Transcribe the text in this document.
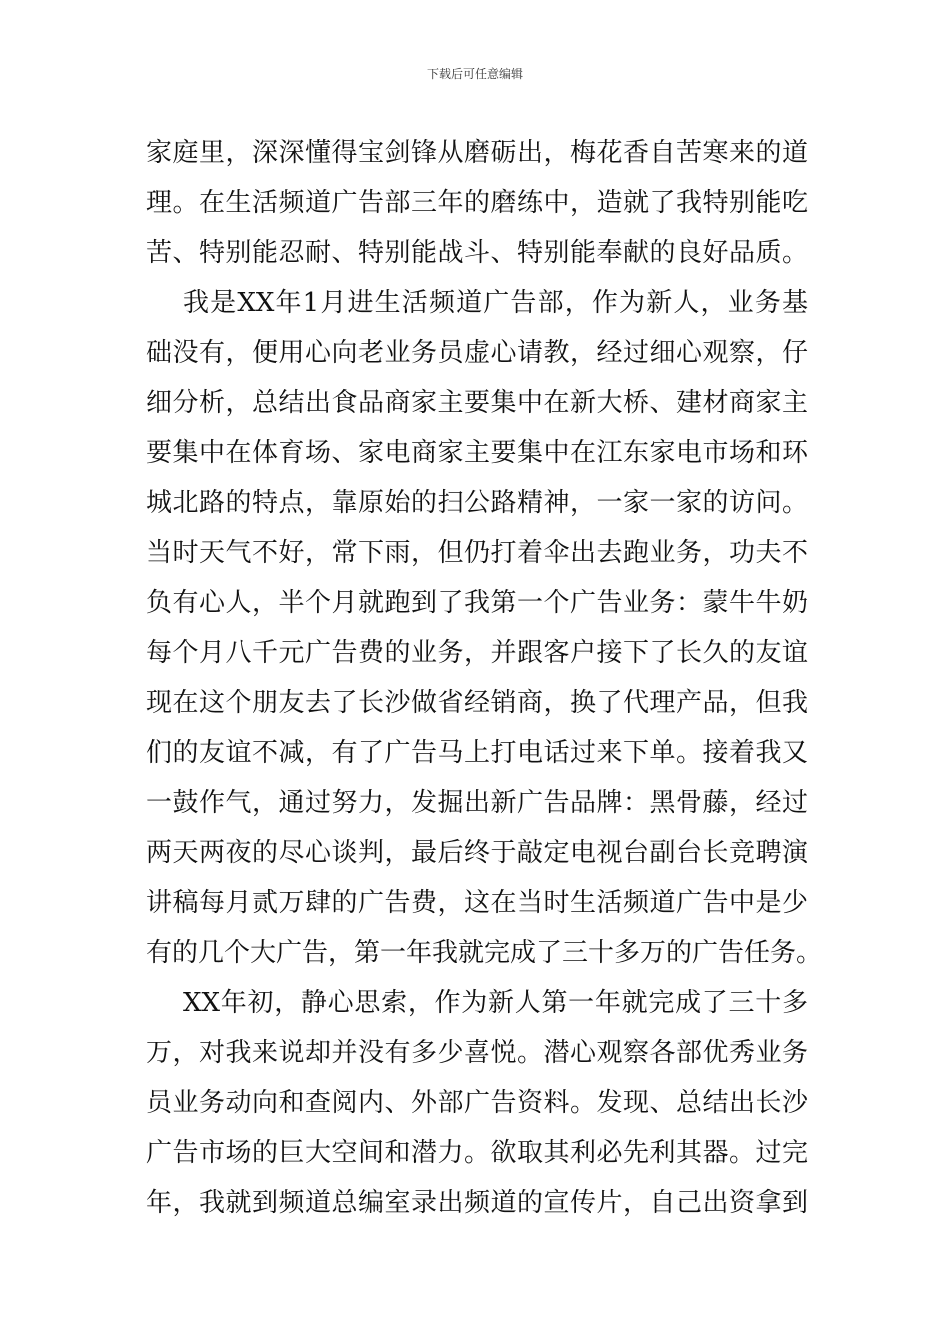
下载后可任意编辑
家庭里，深深懂得宝剑锋从磨砺出，梅花香自苦寒来的道
理。在生活频道广告部三年的磨练中，造就了我特别能吃
苦、特别能忍耐、特别能战斗、特别能奉献的良好品质。
我是XX年1月进生活频道广告部，作为新人，业务基
础没有，便用心向老业务员虚心请教，经过细心观察，仔
细分析，总结出食品商家主要集中在新大桥、建材商家主
要集中在体育场、家电商家主要集中在江东家电市场和环
城北路的特点，靠原始的扫公路精神，一家一家的访问。
当时天气不好，常下雨，但仍打着伞出去跑业务，功夫不
负有心人，半个月就跑到了我第一个广告业务：蒙牛牛奶
每个月八千元广告费的业务，并跟客户接下了长久的友谊
现在这个朋友去了长沙做省经销商，换了代理产品，但我
们的友谊不减，有了广告马上打电话过来下单。接着我又
一鼓作气，通过努力，发掘出新广告品牌：黑骨藤，经过
两天两夜的尽心谈判，最后终于敲定电视台副台长竞聘演
讲稿每月贰万肆的广告费，这在当时生活频道广告中是少
有的几个大广告，第一年我就完成了三十多万的广告任务。
XX年初，静心思索，作为新人第一年就完成了三十多
万，对我来说却并没有多少喜悦。潜心观察各部优秀业务
员业务动向和查阅内、外部广告资料。发现、总结出长沙
广告市场的巨大空间和潜力。欲取其利必先利其器。过完
年，我就到频道总编室录出频道的宣传片，自己出资拿到
